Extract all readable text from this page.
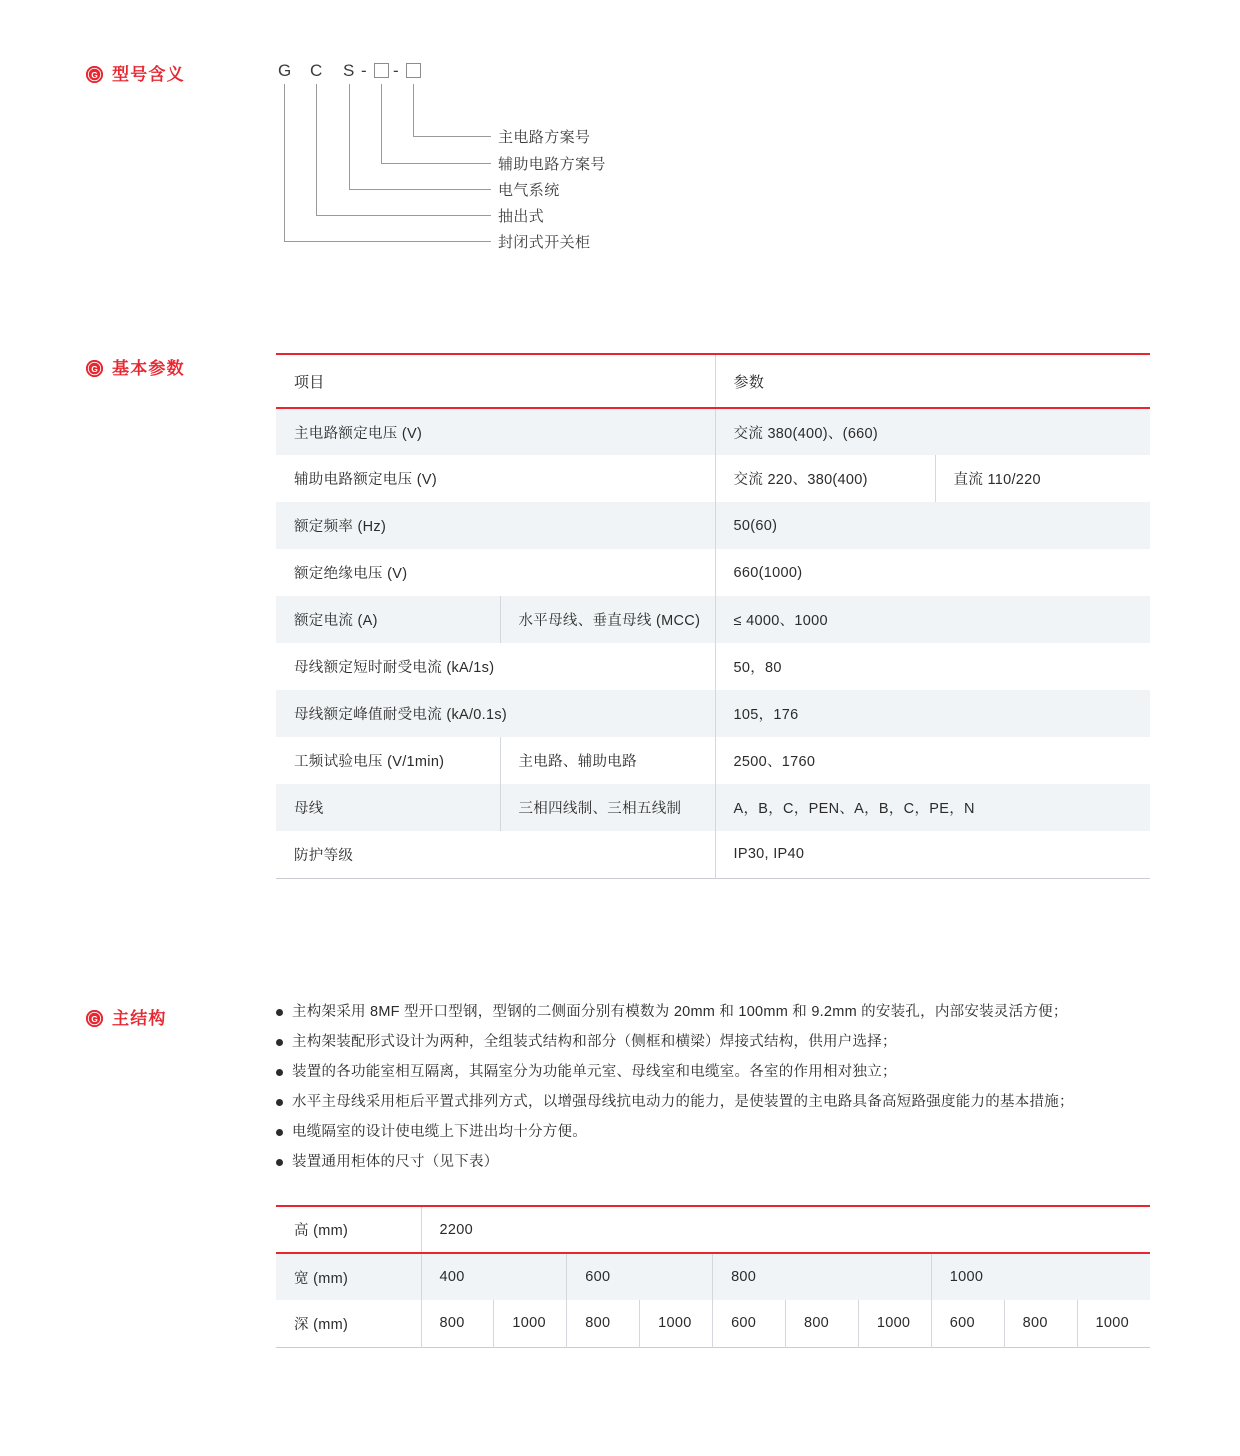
G 型号含义	G C S - -
主电路方案号
辅助电路方案号
电气系统
抽出式
封闭式开关柜
G 基本参数
项目		参数	
主电路额定电压 (V)		交流 380(400)、(660)	
辅助电路额定电压 (V)		交流 220、380(400)	直流 110/220
额定频率 (Hz)		50(60)	
额定绝缘电压 (V)		660(1000)	
额定电流 (A)	水平母线、垂直母线 (MCC)	≤ 4000、1000	
母线额定短时耐受电流 (kA/1s)		50，80	
母线额定峰值耐受电流 (kA/0.1s)		105，176	
工频试验电压 (V/1min)	主电路、辅助电路	2500、1760	
母线	三相四线制、三相五线制	A，B，C，PEN、A，B，C，PE，N	
防护等级		IP30, IP40	
G 主结构	主构架采用 8MF 型开口型钢，型钢的二侧面分别有模数为 20mm 和 100mm 和 9.2mm 的安装孔，内部安装灵活方便；
主构架装配形式设计为两种，全组装式结构和部分（侧框和横梁）焊接式结构，供用户选择；
装置的各功能室相互隔离，其隔室分为功能单元室、母线室和电缆室。各室的作用相对独立；
水平主母线采用柜后平置式排列方式，以增强母线抗电动力的能力，是使装置的主电路具备高短路强度能力的基本措施；
电缆隔室的设计使电缆上下进出均十分方便。
装置通用柜体的尺寸（见下表）
高 (mm)	2200									
宽 (mm)	400		600		800			1000		
深 (mm)	800	1000	800	1000	600	800	1000	600	800	1000
